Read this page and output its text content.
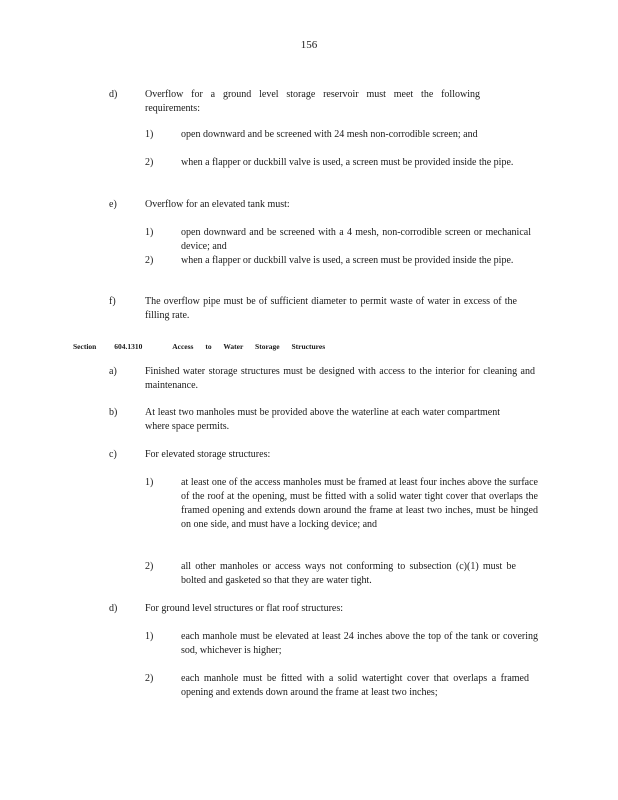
156
d)	Overflow for a ground level storage reservoir must meet the following requirements:
1)	open downward and be screened with 24 mesh non-corrodible screen; and
2)	when a flapper or duckbill valve is used, a screen must be provided inside the pipe.
e)	Overflow for an elevated tank must:
1)	open downward and be screened with a 4 mesh, non-corrodible screen or mechanical device; and
2)	when a flapper or duckbill valve is used, a screen must be provided inside the pipe.
f)	The overflow pipe must be of sufficient diameter to permit waste of water in excess of the filling rate.
Section 604.1310	Access to Water Storage Structures
a)	Finished water storage structures must be designed with access to the interior for cleaning and maintenance.
b)	At least two manholes must be provided above the waterline at each water compartment where space permits.
c)	For elevated storage structures:
1)	at least one of the access manholes must be framed at least four inches above the surface of the roof at the opening, must be fitted with a solid water tight cover that overlaps the framed opening and extends down around the frame at least two inches, must be hinged on one side, and must have a locking device; and
2)	all other manholes or access ways not conforming to subsection (c)(1) must be bolted and gasketed so that they are water tight.
d)	For ground level structures or flat roof structures:
1)	each manhole must be elevated at least 24 inches above the top of the tank or covering sod, whichever is higher;
2)	each manhole must be fitted with a solid watertight cover that overlaps a framed opening and extends down around the frame at least two inches;
